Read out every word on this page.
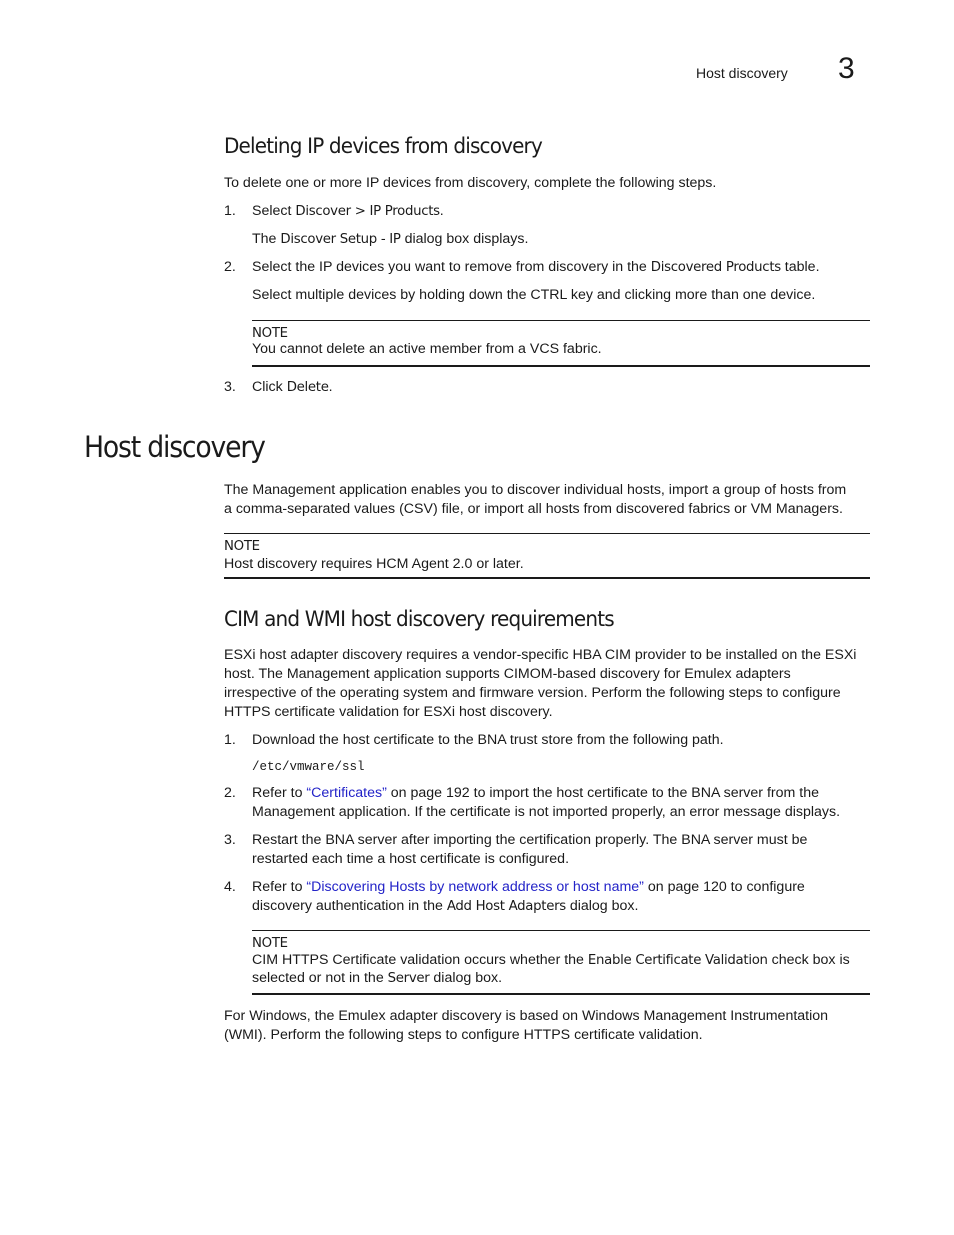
Host discovery 3
Deleting IP devices from discovery
To delete one or more IP devices from discovery, complete the following steps.
1. Select Discover > IP Products.
The Discover Setup - IP dialog box displays.
2. Select the IP devices you want to remove from discovery in the Discovered Products table.
Select multiple devices by holding down the CTRL key and clicking more than one device.
NOTE
You cannot delete an active member from a VCS fabric.
3. Click Delete.
Host discovery
The Management application enables you to discover individual hosts, import a group of hosts from
a comma-separated values (CSV) file, or import all hosts from discovered fabrics or VM Managers.
NOTE
Host discovery requires HCM Agent 2.0 or later.
CIM and WMI host discovery requirements
ESXi host adapter discovery requires a vendor-specific HBA CIM provider to be installed on the ESXi
host. The Management application supports CIMOM-based discovery for Emulex adapters
irrespective of the operating system and firmware version. Perform the following steps to configure
HTTPS certificate validation for ESXi host discovery.
1. Download the host certificate to the BNA trust store from the following path.
/etc/vmware/ssl
2. Refer to “Certificates” on page 192 to import the host certificate to the BNA server from the
Management application. If the certificate is not imported properly, an error message displays.
3. Restart the BNA server after importing the certification properly. The BNA server must be
restarted each time a host certificate is configured.
4. Refer to “Discovering Hosts by network address or host name” on page 120 to configure
discovery authentication in the Add Host Adapters dialog box.
NOTE
CIM HTTPS Certificate validation occurs whether the Enable Certificate Validation check box is
selected or not in the Server dialog box.
For Windows, the Emulex adapter discovery is based on Windows Management Instrumentation
(WMI). Perform the following steps to configure HTTPS certificate validation.
